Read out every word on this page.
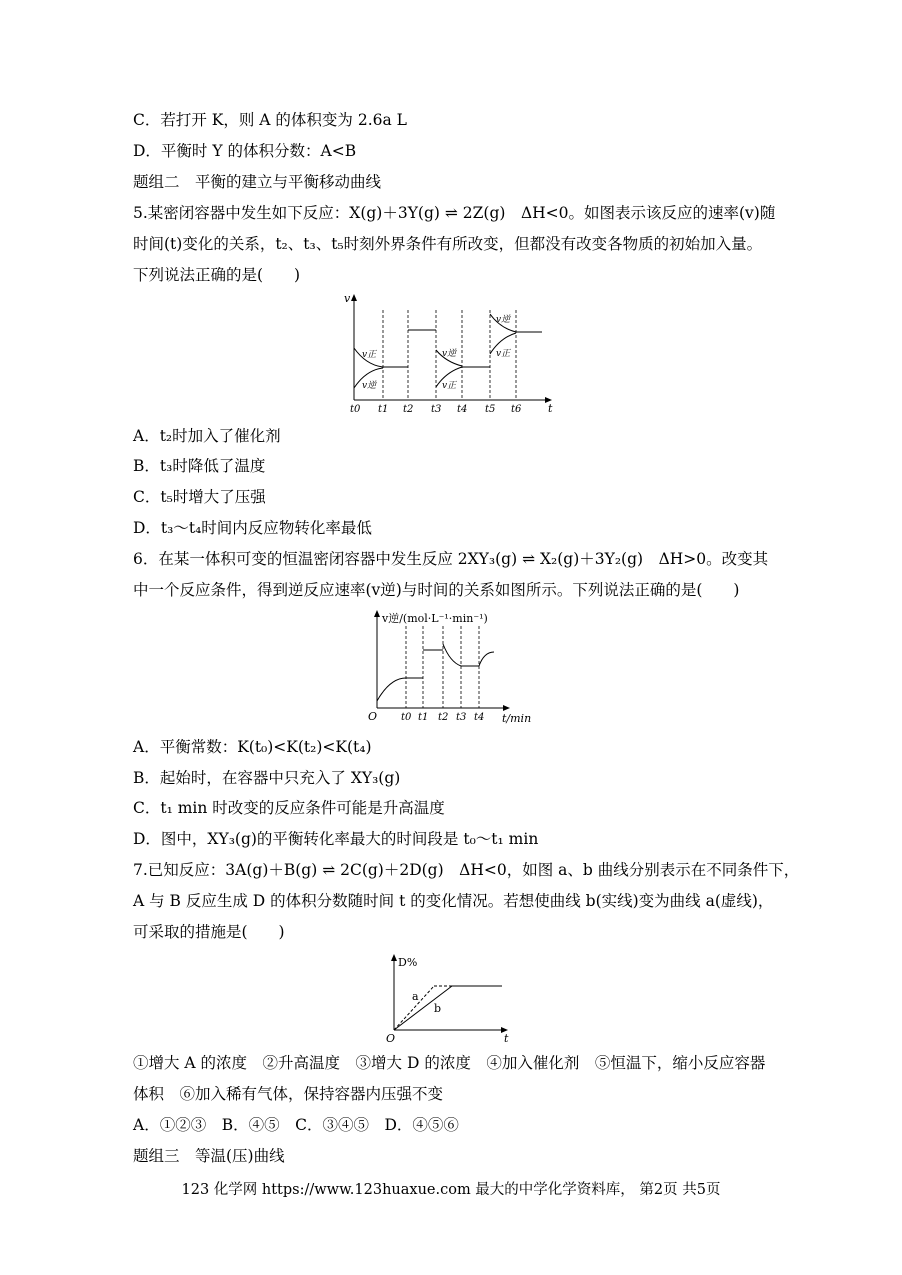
C．若打开 K，则 A 的体积变为 2.6a L
D．平衡时 Y 的体积分数：A<B
题组二　平衡的建立与平衡移动曲线
5.某密闭容器中发生如下反应：X(g)＋3Y(g) ⇌ 2Z(g)　ΔH<0。如图表示该反应的速率(v)随
时间(t)变化的关系，t₂、t₃、t₅时刻外界条件有所改变，但都没有改变各物质的初始加入量。
下列说法正确的是(　　)
v
t
v正
v逆
v逆
v正
v逆
v正
t0 t1 t2 t3 t4 t5 t6
A．t₂时加入了催化剂
B．t₃时降低了温度
C．t₅时增大了压强
D．t₃～t₄时间内反应物转化率最低
6．在某一体积可变的恒温密闭容器中发生反应 2XY₃(g) ⇌ X₂(g)＋3Y₂(g)　ΔH>0。改变其
中一个反应条件，得到逆反应速率(v逆)与时间的关系如图所示。下列说法正确的是(　　)
v逆/(mol·L⁻¹·min⁻¹)
t/min
O t0 t1 t2 t3 t4
A．平衡常数：K(t₀)<K(t₂)<K(t₄)
B．起始时，在容器中只充入了 XY₃(g)
C．t₁ min 时改变的反应条件可能是升高温度
D．图中，XY₃(g)的平衡转化率最大的时间段是 t₀～t₁ min
7.已知反应：3A(g)＋B(g) ⇌ 2C(g)＋2D(g)　ΔH<0，如图 a、b 曲线分别表示在不同条件下，
A 与 B 反应生成 D 的体积分数随时间 t 的变化情况。若想使曲线 b(实线)变为曲线 a(虚线)，
可采取的措施是(　　)
D%
t
O
a
b
①增大 A 的浓度　②升高温度　③增大 D 的浓度　④加入催化剂　⑤恒温下，缩小反应容器
体积　⑥加入稀有气体，保持容器内压强不变
A．①②③　B．④⑤　C．③④⑤　D．④⑤⑥
题组三　等温(压)曲线
123 化学网 https://www.123huaxue.com 最大的中学化学资料库， 第2页 共5页
